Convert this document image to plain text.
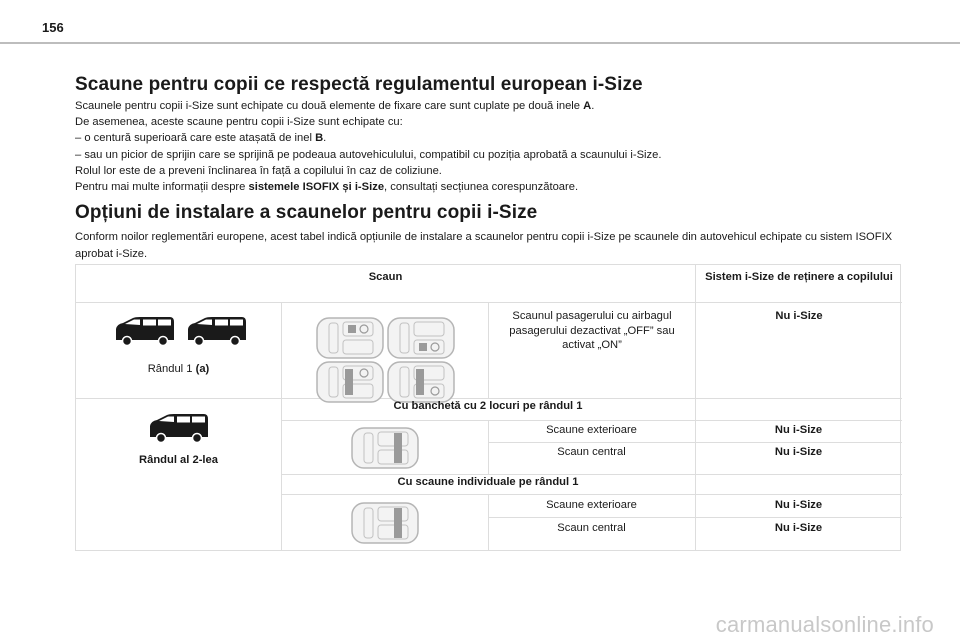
156
Scaune pentru copii ce respectă regulamentul european i-Size
Scaunele pentru copii i-Size sunt echipate cu două elemente de fixare care sunt cuplate pe două inele A.
De asemenea, aceste scaune pentru copii i-Size sunt echipate cu:
– o centură superioară care este atașată de inel B.
– sau un picior de sprijin care se sprijină pe podeaua autovehiculului, compatibil cu poziția aprobată a scaunului i-Size.
Rolul lor este de a preveni înclinarea în față a copilului în caz de coliziune.
Pentru mai multe informații despre sistemele ISOFIX și i-Size, consultați secțiunea corespunzătoare.
Opțiuni de instalare a scaunelor pentru copii i-Size
Conform noilor reglementări europene, acest tabel indică opțiunile de instalare a scaunelor pentru copii i-Size pe scaunele din autovehicul echipate cu sistem ISOFIX aprobat i-Size.
Scaun	Sistem i-Size de reținere a copilului
Rândul 1 (a)
Scaunul pasagerului cu airbagul pasagerului dezactivat „OFF” sau activat „ON”
Nu i-Size
Rândul al 2-lea
Cu banchetă cu 2 locuri pe rândul 1
Scaune exterioare	Nu i-Size
Scaun central	Nu i-Size
Cu scaune individuale pe rândul 1
Scaune exterioare	Nu i-Size
Scaun central	Nu i-Size
carmanualsonline.info
